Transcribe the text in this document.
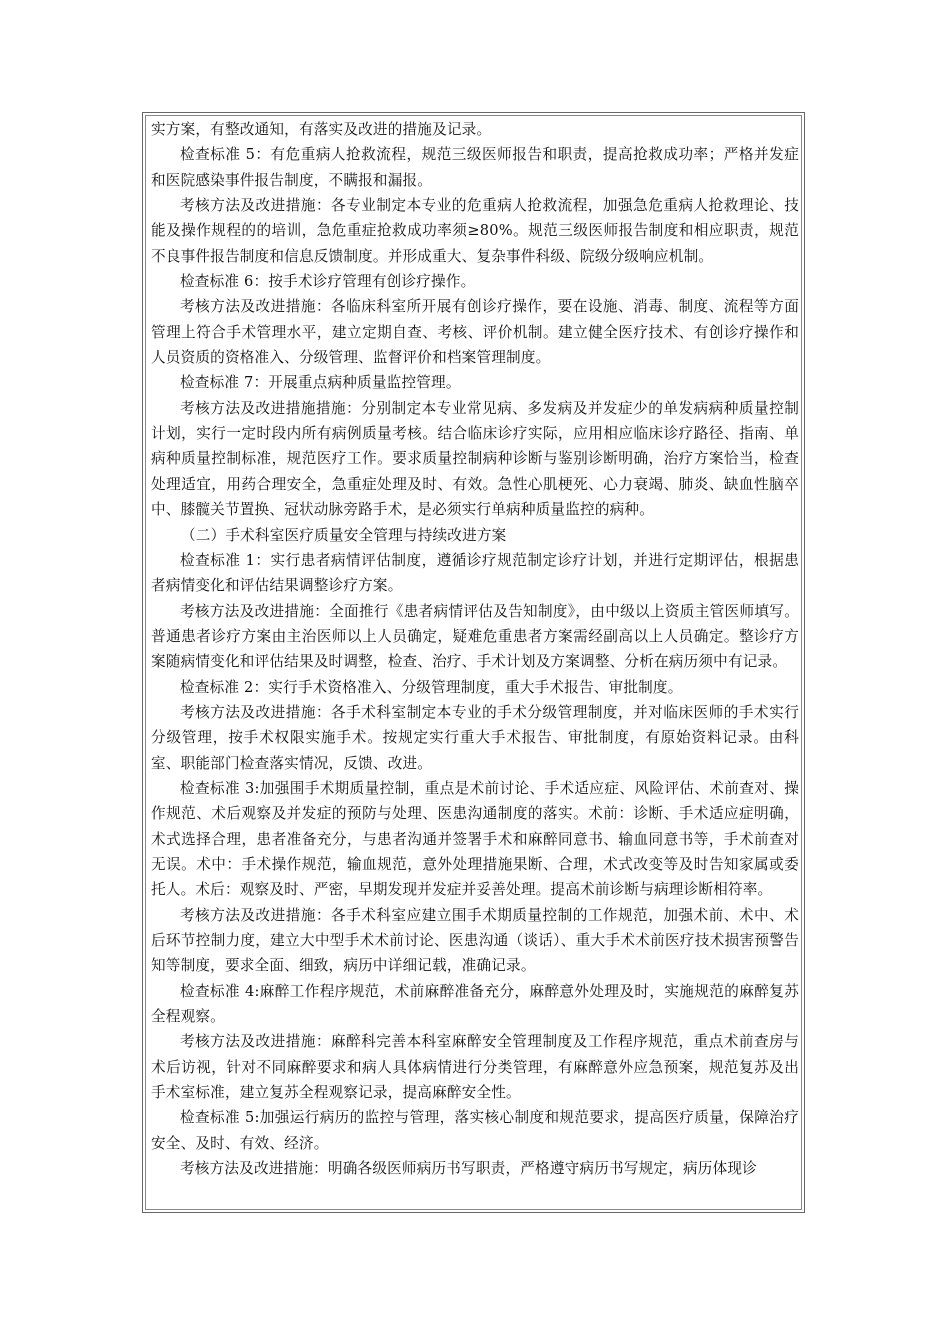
实方案，有整改通知，有落实及改进的措施及记录。

检查标准 5：有危重病人抢救流程，规范三级医师报告和职责，提高抢救成功率；严格并发症和医院感染事件报告制度，不瞒报和漏报。

考核方法及改进措施：各专业制定本专业的危重病人抢救流程，加强急危重病人抢救理论、技能及操作规程的的培训，急危重症抢救成功率须≥80%。规范三级医师报告制度和相应职责，规范不良事件报告制度和信息反馈制度。并形成重大、复杂事件科级、院级分级响应机制。

检查标准 6：按手术诊疗管理有创诊疗操作。

考核方法及改进措施：各临床科室所开展有创诊疗操作，要在设施、消毒、制度、流程等方面管理上符合手术管理水平，建立定期自查、考核、评价机制。建立健全医疗技术、有创诊疗操作和人员资质的资格准入、分级管理、监督评价和档案管理制度。

检查标准 7：开展重点病种质量监控管理。

考核方法及改进措施措施：分别制定本专业常见病、多发病及并发症少的单发病病种质量控制计划，实行一定时段内所有病例质量考核。结合临床诊疗实际，应用相应临床诊疗路径、指南、单病种质量控制标准，规范医疗工作。要求质量控制病种诊断与鉴别诊断明确，治疗方案恰当，检查处理适宜，用药合理安全，急重症处理及时、有效。急性心肌梗死、心力衰竭、肺炎、缺血性脑卒中、膝髋关节置换、冠状动脉旁路手术，是必须实行单病种质量监控的病种。

（二）手术科室医疗质量安全管理与持续改进方案

检查标准 1：实行患者病情评估制度，遵循诊疗规范制定诊疗计划，并进行定期评估，根据患者病情变化和评估结果调整诊疗方案。

考核方法及改进措施：全面推行《患者病情评估及告知制度》，由中级以上资质主管医师填写。普通患者诊疗方案由主治医师以上人员确定，疑难危重患者方案需经副高以上人员确定。整诊疗方案随病情变化和评估结果及时调整，检查、治疗、手术计划及方案调整、分析在病历须中有记录。

检查标准 2：实行手术资格准入、分级管理制度，重大手术报告、审批制度。

考核方法及改进措施：各手术科室制定本专业的手术分级管理制度，并对临床医师的手术实行分级管理，按手术权限实施手术。按规定实行重大手术报告、审批制度，有原始资料记录。由科室、职能部门检查落实情况，反馈、改进。

检查标准 3:加强围手术期质量控制，重点是术前讨论、手术适应症、风险评估、术前查对、操作规范、术后观察及并发症的预防与处理、医患沟通制度的落实。术前：诊断、手术适应症明确，术式选择合理，患者准备充分，与患者沟通并签署手术和麻醉同意书、输血同意书等，手术前查对无误。术中：手术操作规范，输血规范，意外处理措施果断、合理，术式改变等及时告知家属或委托人。术后：观察及时、严密，早期发现并发症并妥善处理。提高术前诊断与病理诊断相符率。

考核方法及改进措施：各手术科室应建立围手术期质量控制的工作规范，加强术前、术中、术后环节控制力度，建立大中型手术术前讨论、医患沟通（谈话）、重大手术术前医疗技术损害预警告知等制度，要求全面、细致，病历中详细记载，准确记录。

检查标准 4:麻醉工作程序规范，术前麻醉准备充分，麻醉意外处理及时，实施规范的麻醉复苏全程观察。

考核方法及改进措施：麻醉科完善本科室麻醉安全管理制度及工作程序规范，重点术前查房与术后访视，针对不同麻醉要求和病人具体病情进行分类管理，有麻醉意外应急预案，规范复苏及出手术室标准，建立复苏全程观察记录，提高麻醉安全性。

检查标准 5:加强运行病历的监控与管理，落实核心制度和规范要求，提高医疗质量，保障治疗安全、及时、有效、经济。

考核方法及改进措施：明确各级医师病历书写职责，严格遵守病历书写规定，病历体现诊
